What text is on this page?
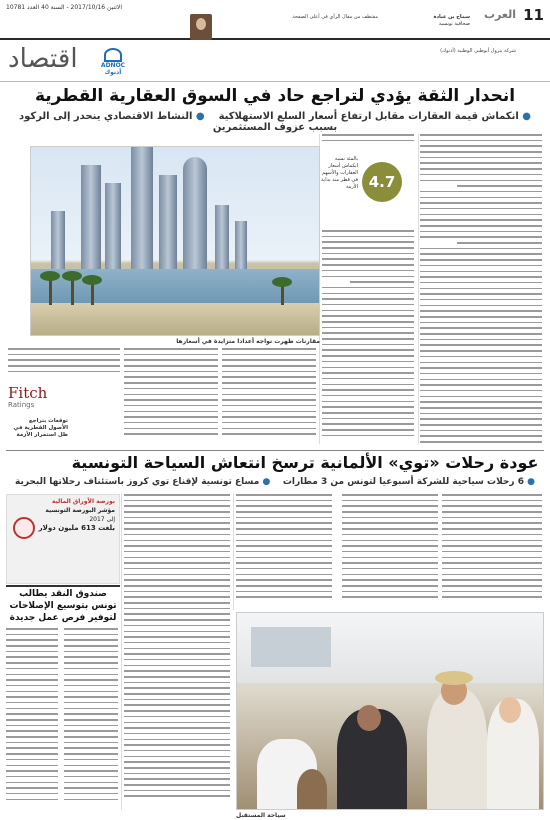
11
العرب
الاثنين 2017/10/16 - السنة 40 العدد 10781
سماح بن عبادة
صحافية تونسية
مقتطف من مقال الرأي في أعلى الصفحة
اقتصاد	ADNOC
أدنوك
شركة بترول أبوظبي الوطنية (أدنوك)
انحدار الثقة يؤدي لتراجع حاد في السوق العقارية القطرية
● انكماش قيمة العقارات مقابل ارتفاع أسعار السلع الاستهلاكية    ● النشاط الاقتصادي ينحدر إلى الركود بسبب عزوف المستثمرين
4.7
بالمئة نسبة انكماش أسعار العقارات والأسهم في قطر منذ بداية الأزمة
مقارنات ظهرت تواجه أعدادا متزايدة في أسعارها
Fitch
Ratings
توقعات بتراجع الأصول القطرية في ظل استمرار الأزمة
عودة رحلات «توي» الألمانية ترسخ انتعاش السياحة التونسية
● 6 رحلات سياحية للشركة أسبوعيا لتونس من 3 مطارات    ● مساع تونسية لإقناع توي كروز باستئناف رحلاتها البحرية
بورصة الأوراق المالية
مؤشر البورصة التونسية
إلى 2017
بلغت 613 مليون دولار
صندوق النقد يطالب تونس بتوسيع الإصلاحات لتوفير فرص عمل جديدة
سياحة المستقبل
